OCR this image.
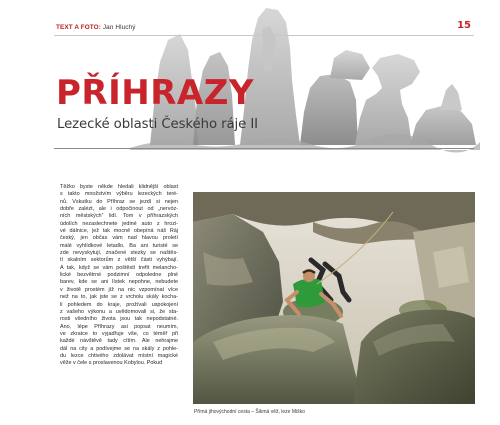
TEXT A FOTO: Jan Hluchý	15
PŘÍHRAZY
Lezecké oblasti Českého ráje II
Těžko byste někde hledali klidnější oblast
s takto množstvím výběru lezeckých teré-
nů. Vskutku do Příhraz se jezdí si nejen
dobře zalézt, ale i odpočinout od „nervóz-
ních městských“ lidí. Tom v příhrazských
údolích nezaslechnete jediné auto z hrozi-
vé dálnice, jež tak mocně obepíná náš Ráj
český, jen občas vám nad hlavou proletí
malé vyhlídkové letadlo. Ba ani turisté se
zde nevyskytují, značené stezky se naštěs-
tí skalním sektorům z větší části vyhýbají.
A tak, když se vám poštěstí trefit melancho-
lické bezvětrné podzimní odpoledne plné
barev, kde se ani lístek nepohne, nebudete
v životě prostém jíž na nic vzpomínat více
než na to, jak jste se z vrcholu skály kocha-
li pohledem do kraje, prožívali uspokojení
z vašeho výkonu a uvědomovali si, že sta-
rosti všedního života jsou tak nepodstatné.
Ano, lépe Příhrazy asi popsat neumím,
ve zkratce to vyjadřuje vše, co téměř při
každé návštěvě tady cítím. Ale nehrajme
dál na city a podívejme se na skály z pohle-
du lezce chtivého zdolávat místní magické
věže v čele s proslavenou Kobylou. Pokud
Přímá jihovýchodní cesta – Šikmá věž, leze Miško
